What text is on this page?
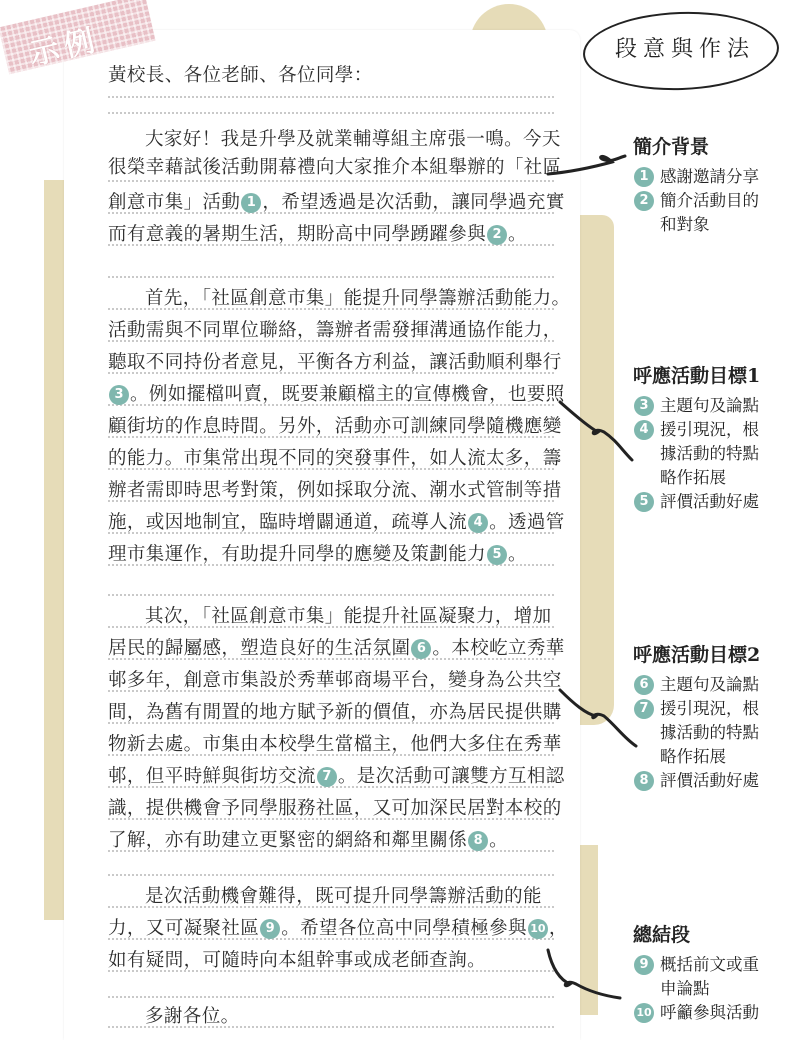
示例
黃校長、各位老師、各位同學：
大家好！我是升學及就業輔導組主席張一鳴。今天
很榮幸藉試後活動開幕禮向大家推介本組舉辦的「社區
創意市集」活動 1 ，希望透過是次活動，讓同學過充實
而有意義的暑期生活，期盼高中同學踴躍參與 2 。
首先，「社區創意市集」能提升同學籌辦活動能力。
活動需與不同單位聯絡，籌辦者需發揮溝通協作能力，
聽取不同持份者意見，平衡各方利益，讓活動順利舉行
3 。例如擺檔叫賣，既要兼顧檔主的宣傳機會，也要照
顧街坊的作息時間。另外，活動亦可訓練同學隨機應變
的能力。市集常出現不同的突發事件，如人流太多，籌
辦者需即時思考對策，例如採取分流、潮水式管制等措
施，或因地制宜，臨時增闢通道，疏導人流 4 。透過管
理市集運作，有助提升同學的應變及策劃能力 5 。
其次，「社區創意市集」能提升社區凝聚力，增加
居民的歸屬感，塑造良好的生活氛圍 6 。本校屹立秀華
邨多年，創意市集設於秀華邨商場平台，變身為公共空
間，為舊有閒置的地方賦予新的價值，亦為居民提供購
物新去處。市集由本校學生當檔主，他們大多住在秀華
邨，但平時鮮與街坊交流 7 。是次活動可讓雙方互相認
識，提供機會予同學服務社區，又可加深民居對本校的
了解，亦有助建立更緊密的網絡和鄰里關係 8 。
是次活動機會難得，既可提升同學籌辦活動的能
力，又可凝聚社區 9 。希望各位高中同學積極參與 10 ，
如有疑問，可隨時向本組幹事或成老師查詢。
多謝各位。
段意與作法
簡介背景
1 感謝邀請分享
2 簡介活動目的
和對象
呼應活動目標1
3 主題句及論點
4 援引現況，根
據活動的特點
略作拓展
5 評價活動好處
呼應活動目標2
6 主題句及論點
7 援引現況，根
據活動的特點
略作拓展
8 評價活動好處
總結段
9 概括前文或重
申論點
10 呼籲參與活動
